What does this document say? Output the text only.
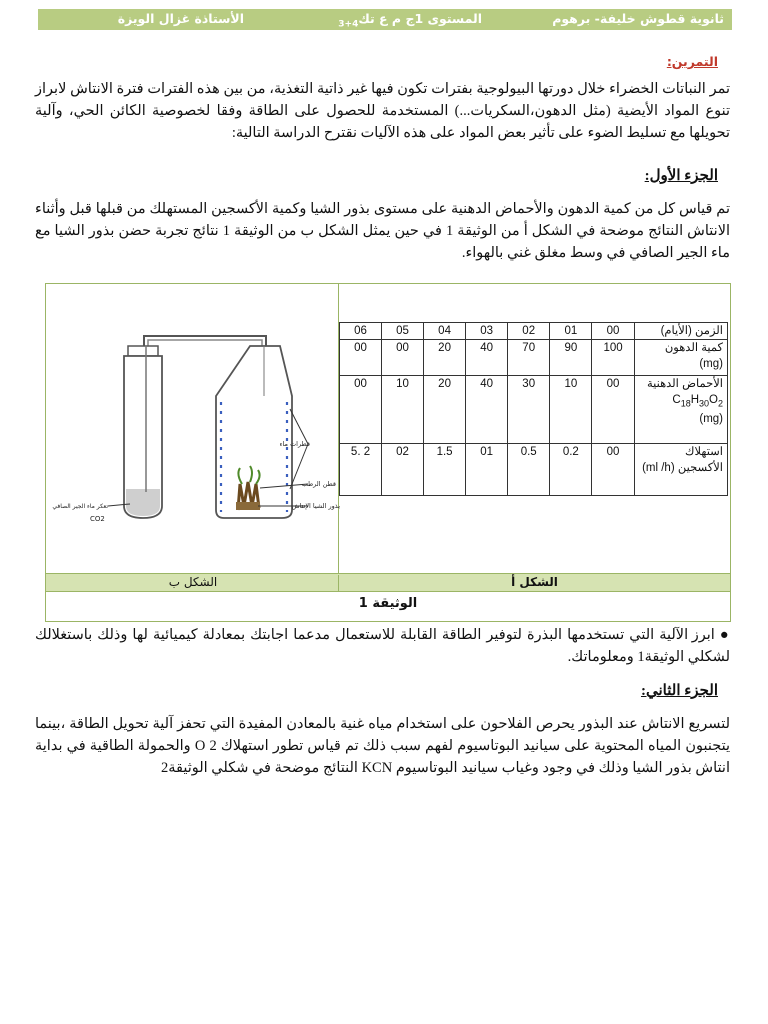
ثانوية قطوش خليفة- برهوم
المستوى 1ج م ع تك$_{4+3}$
الأستاذة غزال الويزة
التمرين:
تمر النباتات الخضراء خلال دورتها البيولوجية بفترات تكون فيها غير ذاتية التغذية، من بين هذه الفترات فترة الانتاش لابراز تنوع المواد الأيضية (مثل الدهون،السكريات...) المستخدمة للحصول على الطاقة وفقا لخصوصية الكائن الحي، وآلية تحويلها مع تسليط الضوء على تأثير بعض المواد على هذه الآليات نقترح الدراسة التالية:
الجزء الأول:
تم قياس كل من كمية الدهون والأحماض الدهنية على مستوى بذور الشيا وكمية الأكسجين المستهلك من قبلها قبل وأثناء الانتاش النتائج موضحة في الشكل أ من الوثيقة 1 في حين يمثل الشكل ب من الوثيقة 1 نتائج تجربة حضن بذور الشيا مع ماء الجير الصافي في وسط مغلق غني بالهواء.
الزمن (الأيام)	00	01	02	03	04	05	06
كمية الدهون (mg)	100	90	70	40	20	00	00

الأحماض الدهنية
$C_{18}H_{30}O_2$
(mg)	00	10	30	40	20	10	00
استهلاك الأكسجين (ml /h)	00	0.2	0.5	01	1.5	02	2 .5
قطرات ماء
قطن الرطب
بذور الشيا الإنتاش
تعكر ماء الجير الصافي
CO2
الشكل أ
الشكل ب
الوثيقة 1
● ابرز الآلية التي تستخدمها البذرة لتوفير الطاقة القابلة للاستعمال مدعما اجابتك بمعادلة كيميائية لها وذلك باستغلالك لشكلي الوثيقة1 ومعلوماتك.
الجزء الثاني:
لتسريع الانتاش عند البذور يحرص الفلاحون على استخدام مياه غنية بالمعادن المفيدة التي تحفز آلية تحويل الطاقة ،بينما يتجنبون المياه المحتوية على سيانيد البوتاسيوم لفهم سبب ذلك تم قياس تطور استهلاك O 2 والحمولة الطاقية في بداية انتاش بذور الشيا وذلك في وجود وغياب سيانيد البوتاسيوم KCN النتائج موضحة في شكلي الوثيقة2
